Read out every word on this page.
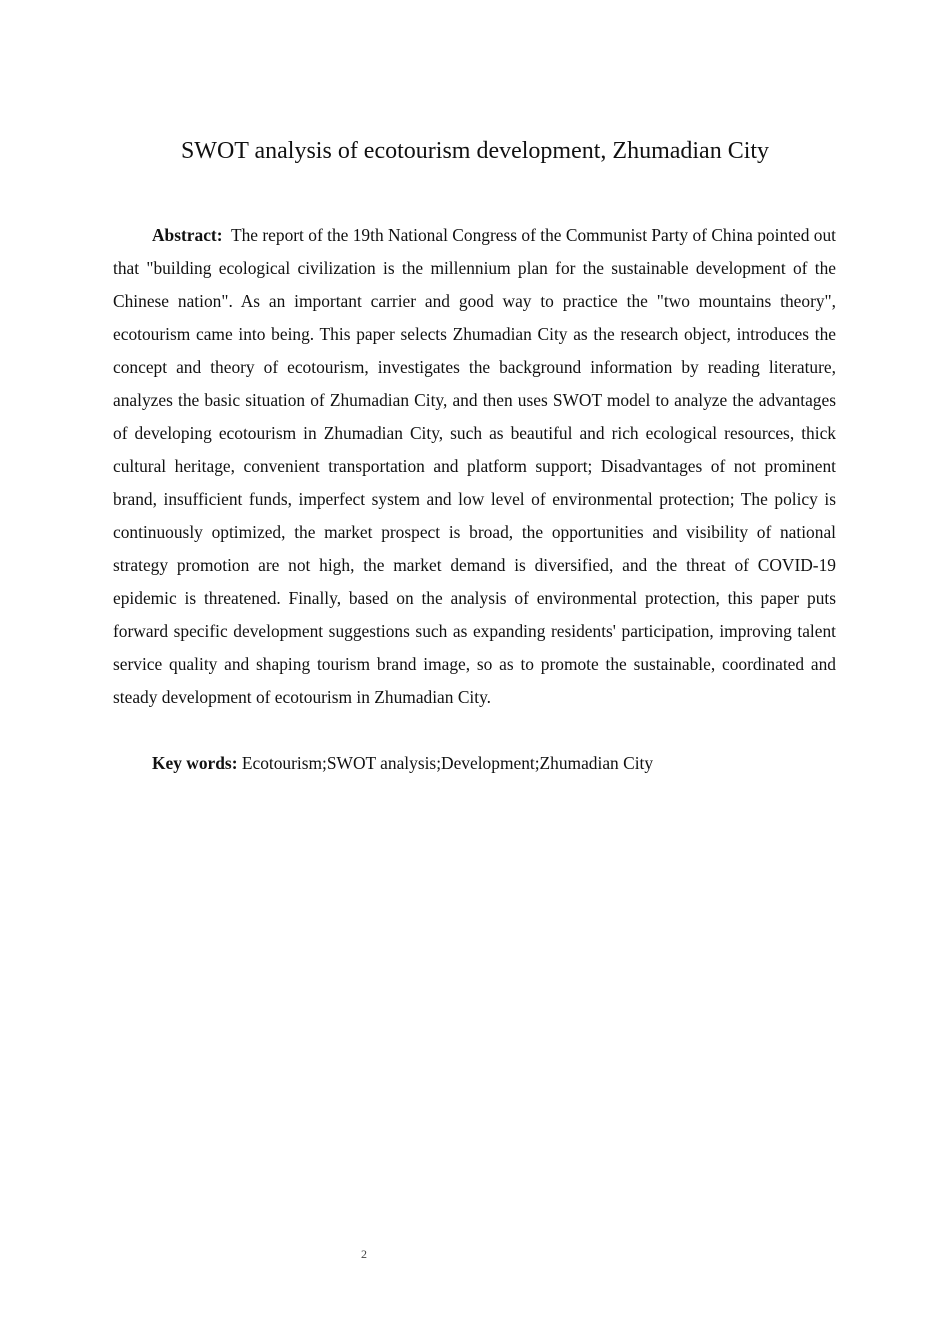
SWOT analysis of ecotourism development, Zhumadian City

Abstract: The report of the 19th National Congress of the Communist Party of China pointed out that "building ecological civilization is the millennium plan for the sustainable development of the Chinese nation". As an important carrier and good way to practice the "two mountains theory", ecotourism came into being. This paper selects Zhumadian City as the research object, introduces the concept and theory of ecotourism, investigates the background information by reading literature, analyzes the basic situation of Zhumadian City, and then uses SWOT model to analyze the advantages of developing ecotourism in Zhumadian City, such as beautiful and rich ecological resources, thick cultural heritage, convenient transportation and platform support; Disadvantages of not prominent brand, insufficient funds, imperfect system and low level of environmental protection; The policy is continuously optimized, the market prospect is broad, the opportunities and visibility of national strategy promotion are not high, the market demand is diversified, and the threat of COVID-19 epidemic is threatened. Finally, based on the analysis of environmental protection, this paper puts forward specific development suggestions such as expanding residents' participation, improving talent service quality and shaping tourism brand image, so as to promote the sustainable, coordinated and steady development of ecotourism in Zhumadian City.

Key words: Ecotourism;SWOT analysis;Development;Zhumadian City

2
